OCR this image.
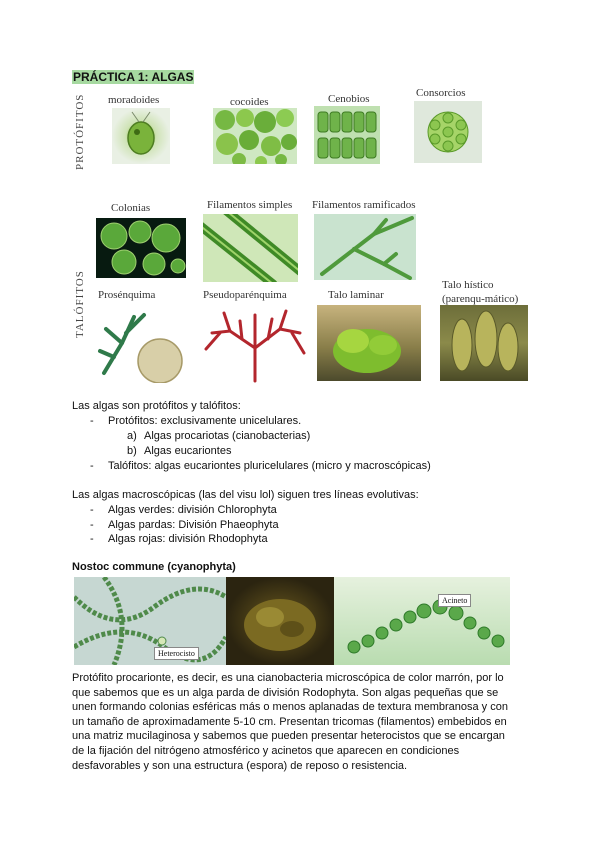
PRÁCTICA 1: ALGAS
PROTÓFITOS
TALÓFITOS
moradoides	cocoides	Cenobios	Consorcios
Colonias	Filamentos simples Filamentos ramificados
Talo hístico
(parenqu-mático)
Prosénquima	Pseudoparénquima	Talo laminar
Las algas son protófitos y talófitos:
-	Protófitos: exclusivamente unicelulares.
a) Algas procariotas (cianobacterias)
b) Algas eucariontes
- Talófitos: algas eucariontes pluricelulares (micro y macroscópicas)
Las algas macroscópicas (las del visu lol) siguen tres líneas evolutivas:
- Algas verdes: división Chlorophyta
- Algas pardas: División Phaeophyta
- Algas rojas: división Rhodophyta
Nostoc commune (cyanophyta)
Heterocisto
Acineto
Protófito procarionte, es decir, es una cianobacteria microscópica de color marrón, por lo que sabemos que es un alga parda de división Rodophyta. Son algas pequeñas que se unen formando colonias esféricas más o menos aplanadas de textura membranosa y con un tamaño de aproximadamente 5-10 cm. Presentan tricomas (filamentos) embebidos en una matriz mucilaginosa y sabemos que pueden presentar heterocistos que se encargan de la fijación del nitrógeno atmosférico y acinetos que aparecen en condiciones desfavorables y son una estructura (espora) de reposo o resistencia.
